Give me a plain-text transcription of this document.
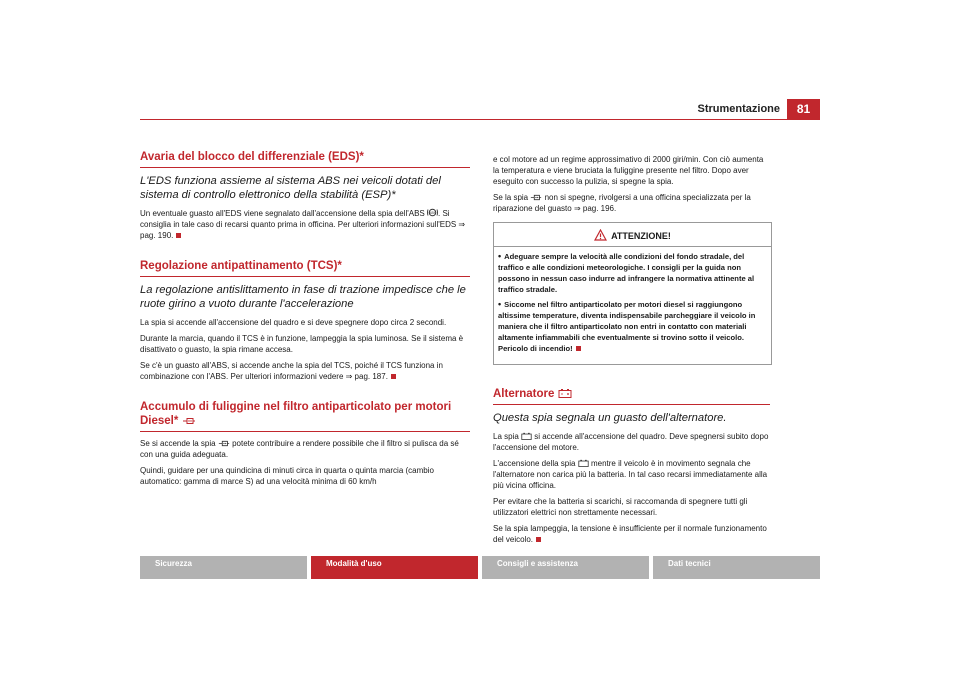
Strumentazione	81
Avaria del blocco del differenziale (EDS)*

L'EDS funziona assieme al sistema ABS nei veicoli dotati del sistema di controllo elettronico della stabilità (ESP)*

Un eventuale guasto all'EDS viene segnalato dall'accensione della spia dell'ABS ABS . Si consiglia in tale caso di recarsi quanto prima in officina. Per ulteriori informazioni sull'EDS ⇒ pag. 190.

Regolazione antipattinamento (TCS)*

La regolazione antislittamento in fase di trazione impedisce che le ruote girino a vuoto durante l'accelerazione

La spia si accende all'accensione del quadro e si deve spegnere dopo circa 2 secondi.

Durante la marcia, quando il TCS è in funzione, lampeggia la spia luminosa. Se il sistema è disattivato o guasto, la spia rimane accesa.

Se c'è un guasto all'ABS, si accende anche la spia del TCS, poiché il TCS funziona in combinazione con l'ABS. Per ulteriori informazioni vedere ⇒ pag. 187.

Accumulo di fuliggine nel filtro antiparticolato per motori Diesel*

Se si accende la spia potete contribuire a rendere possibile che il filtro si pulisca da sé con una guida adeguata.

Quindi, guidare per una quindicina di minuti circa in quarta o quinta marcia (cambio automatico: gamma di marce S) ad una velocità minima di 60 km/h

e col motore ad un regime approssimativo di 2000 giri/min. Con ciò aumenta la temperatura e viene bruciata la fuliggine presente nel filtro. Dopo aver eseguito con successo la pulizia, si spegne la spia.

Se la spia non si spegne, rivolgersi a una officina specializzata per la riparazione del guasto ⇒ pag. 196.

ATTENZIONE!
• Adeguare sempre la velocità alle condizioni del fondo stradale, del traffico e alle condizioni meteorologiche. I consigli per la guida non possono in nessun caso indurre ad infrangere la normativa attinente al traffico stradale.
• Siccome nel filtro antiparticolato per motori diesel si raggiungono altissime temperature, diventa indispensabile parcheggiare il veicolo in maniera che il filtro antiparticolato non entri in contatto con materiali altamente infiammabili che eventualmente si trovino sotto il veicolo. Pericolo di incendio!
Alternatore

Questa spia segnala un guasto dell'alternatore.

La spia si accende all'accensione del quadro. Deve spegnersi subito dopo l'accensione del motore.

L'accensione della spia mentre il veicolo è in movimento segnala che l'alternatore non carica più la batteria. In tal caso recarsi immediatamente alla più vicina officina.

Per evitare che la batteria si scarichi, si raccomanda di spegnere tutti gli utilizzatori elettrici non strettamente necessari.

Se la spia lampeggia, la tensione è insufficiente per il normale funzionamento del veicolo.

Sicurezza	Modalità d'uso	Consigli e assistenza	Dati tecnici
